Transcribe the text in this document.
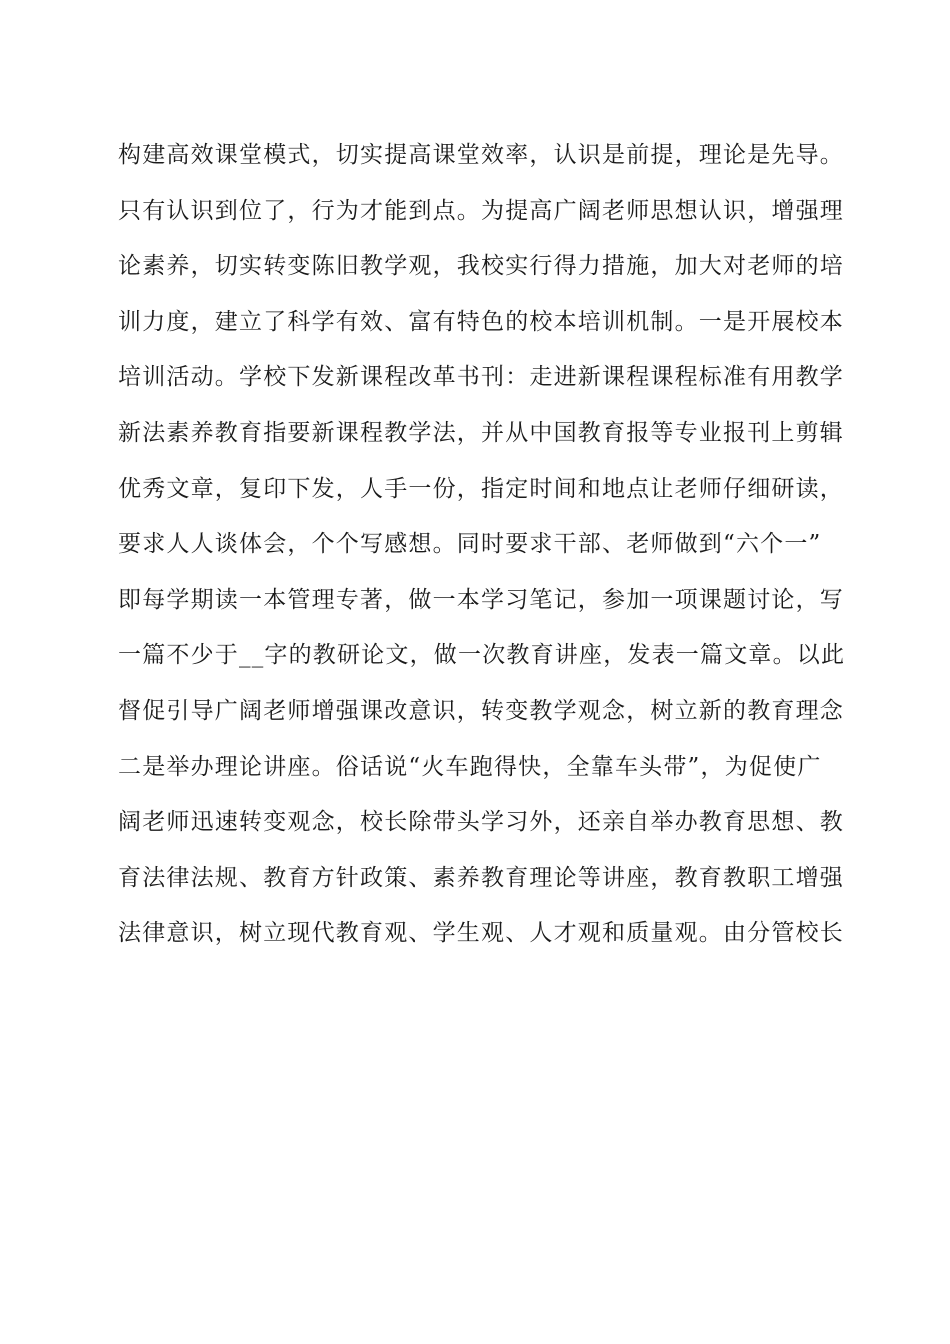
构建高效课堂模式，切实提高课堂效率，认识是前提，理论是先导。
只有认识到位了，行为才能到点。为提高广阔老师思想认识，增强理
论素养，切实转变陈旧教学观，我校实行得力措施，加大对老师的培
训力度，建立了科学有效、富有特色的校本培训机制。一是开展校本
培训活动。学校下发新课程改革书刊：走进新课程课程标准有用教学
新法素养教育指要新课程教学法，并从中国教育报等专业报刊上剪辑
优秀文章，复印下发，人手一份，指定时间和地点让老师仔细研读，
要求人人谈体会，个个写感想。同时要求干部、老师做到“六个一”
即每学期读一本管理专著，做一本学习笔记，参加一项课题讨论，写
一篇不少于__字的教研论文，做一次教育讲座，发表一篇文章。以此
督促引导广阔老师增强课改意识，转变教学观念，树立新的教育理念
二是举办理论讲座。俗话说“火车跑得快，全靠车头带”，为促使广
阔老师迅速转变观念，校长除带头学习外，还亲自举办教育思想、教
育法律法规、教育方针政策、素养教育理论等讲座，教育教职工增强
法律意识，树立现代教育观、学生观、人才观和质量观。由分管校长
